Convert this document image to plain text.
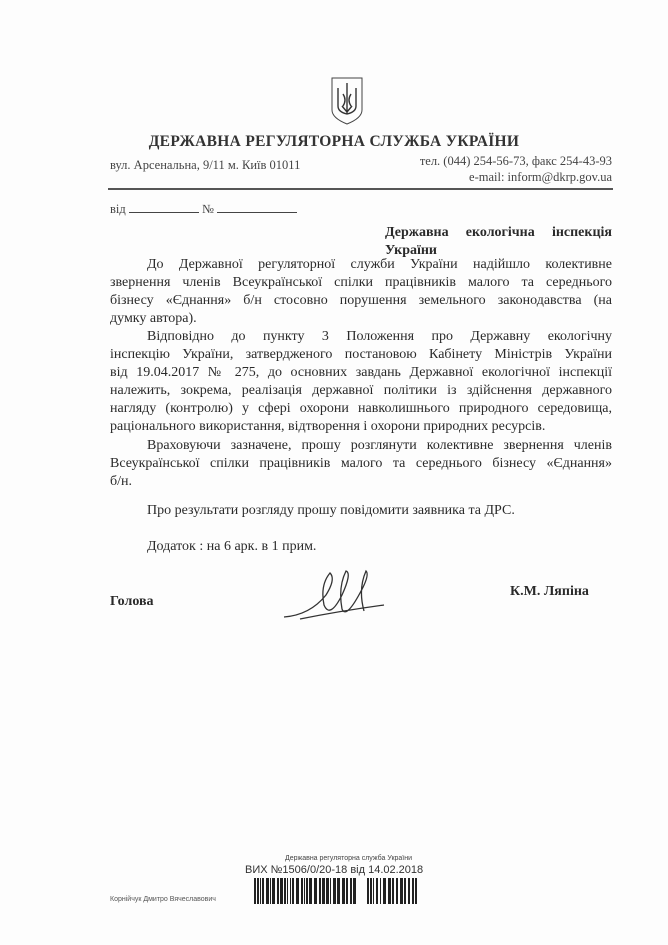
ДЕРЖАВНА РЕГУЛЯТОРНА СЛУЖБА УКРАЇНИ
вул. Арсенальна, 9/11 м. Київ 01011	тел. (044) 254-56-73, факс 254-43-93
e-mail: inform@dkrp.gov.ua
від	№
Державна екологічна інспекція
України
До Державної регуляторної служби України надійшло колективне
звернення членів Всеукраїнської спілки працівників малого та середнього
бізнесу «Єднання» б/н стосовно порушення земельного законодавства (на
думку автора).
Відповідно до пункту 3 Положення про Державну екологічну
інспекцію України, затвердженого постановою Кабінету Міністрів України
від 19.04.2017 № 275, до основних завдань Державної екологічної інспекції
належить, зокрема, реалізація державної політики із здійснення державного
нагляду (контролю) у сфері охорони навколишнього природного середовища,
раціонального використання, відтворення і охорони природних ресурсів.
Враховуючи зазначене, прошу розглянути колективне звернення членів
Всеукраїнської спілки працівників малого та середнього бізнесу «Єднання»
б/н.
Про результати розгляду прошу повідомити заявника та ДРС.
Додаток : на 6 арк. в 1 прим.
Голова
К.М. Ляпіна
Державна регуляторна служба України
ВИХ №1506/0/20-18 від 14.02.2018
Корнійчук Дмитро Вячеславович
